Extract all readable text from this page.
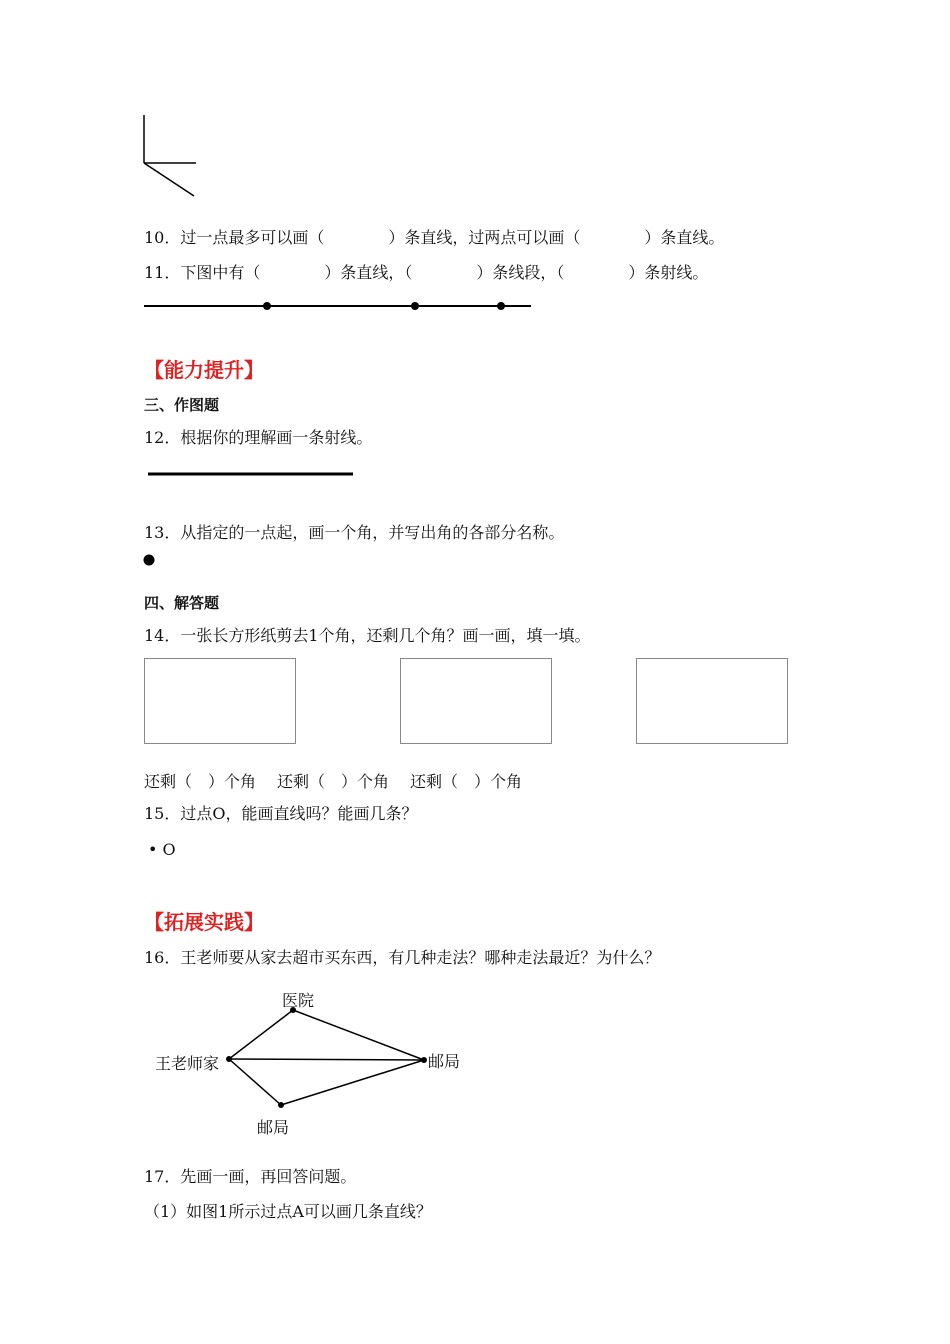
10．过一点最多可以画（　　　　）条直线，过两点可以画（　　　　）条直线。
11．下图中有（　　　　）条直线，（　　　　）条线段，（　　　　）条射线。
【能力提升】
三、作图题
12．根据你的理解画一条射线。
13．从指定的一点起，画一个角，并写出角的各部分名称。
四、解答题
14．一张长方形纸剪去1个角，还剩几个角？画一画，填一填。
还剩（　）个角 还剩（　）个角 还剩（　）个角
15．过点O，能画直线吗？能画几条？
• O
【拓展实践】
16．王老师要从家去超市买东西，有几种走法？哪种走法最近？为什么？
王老师家
医院
邮局
邮局
17．先画一画，再回答问题。
（1）如图1所示过点A可以画几条直线？
